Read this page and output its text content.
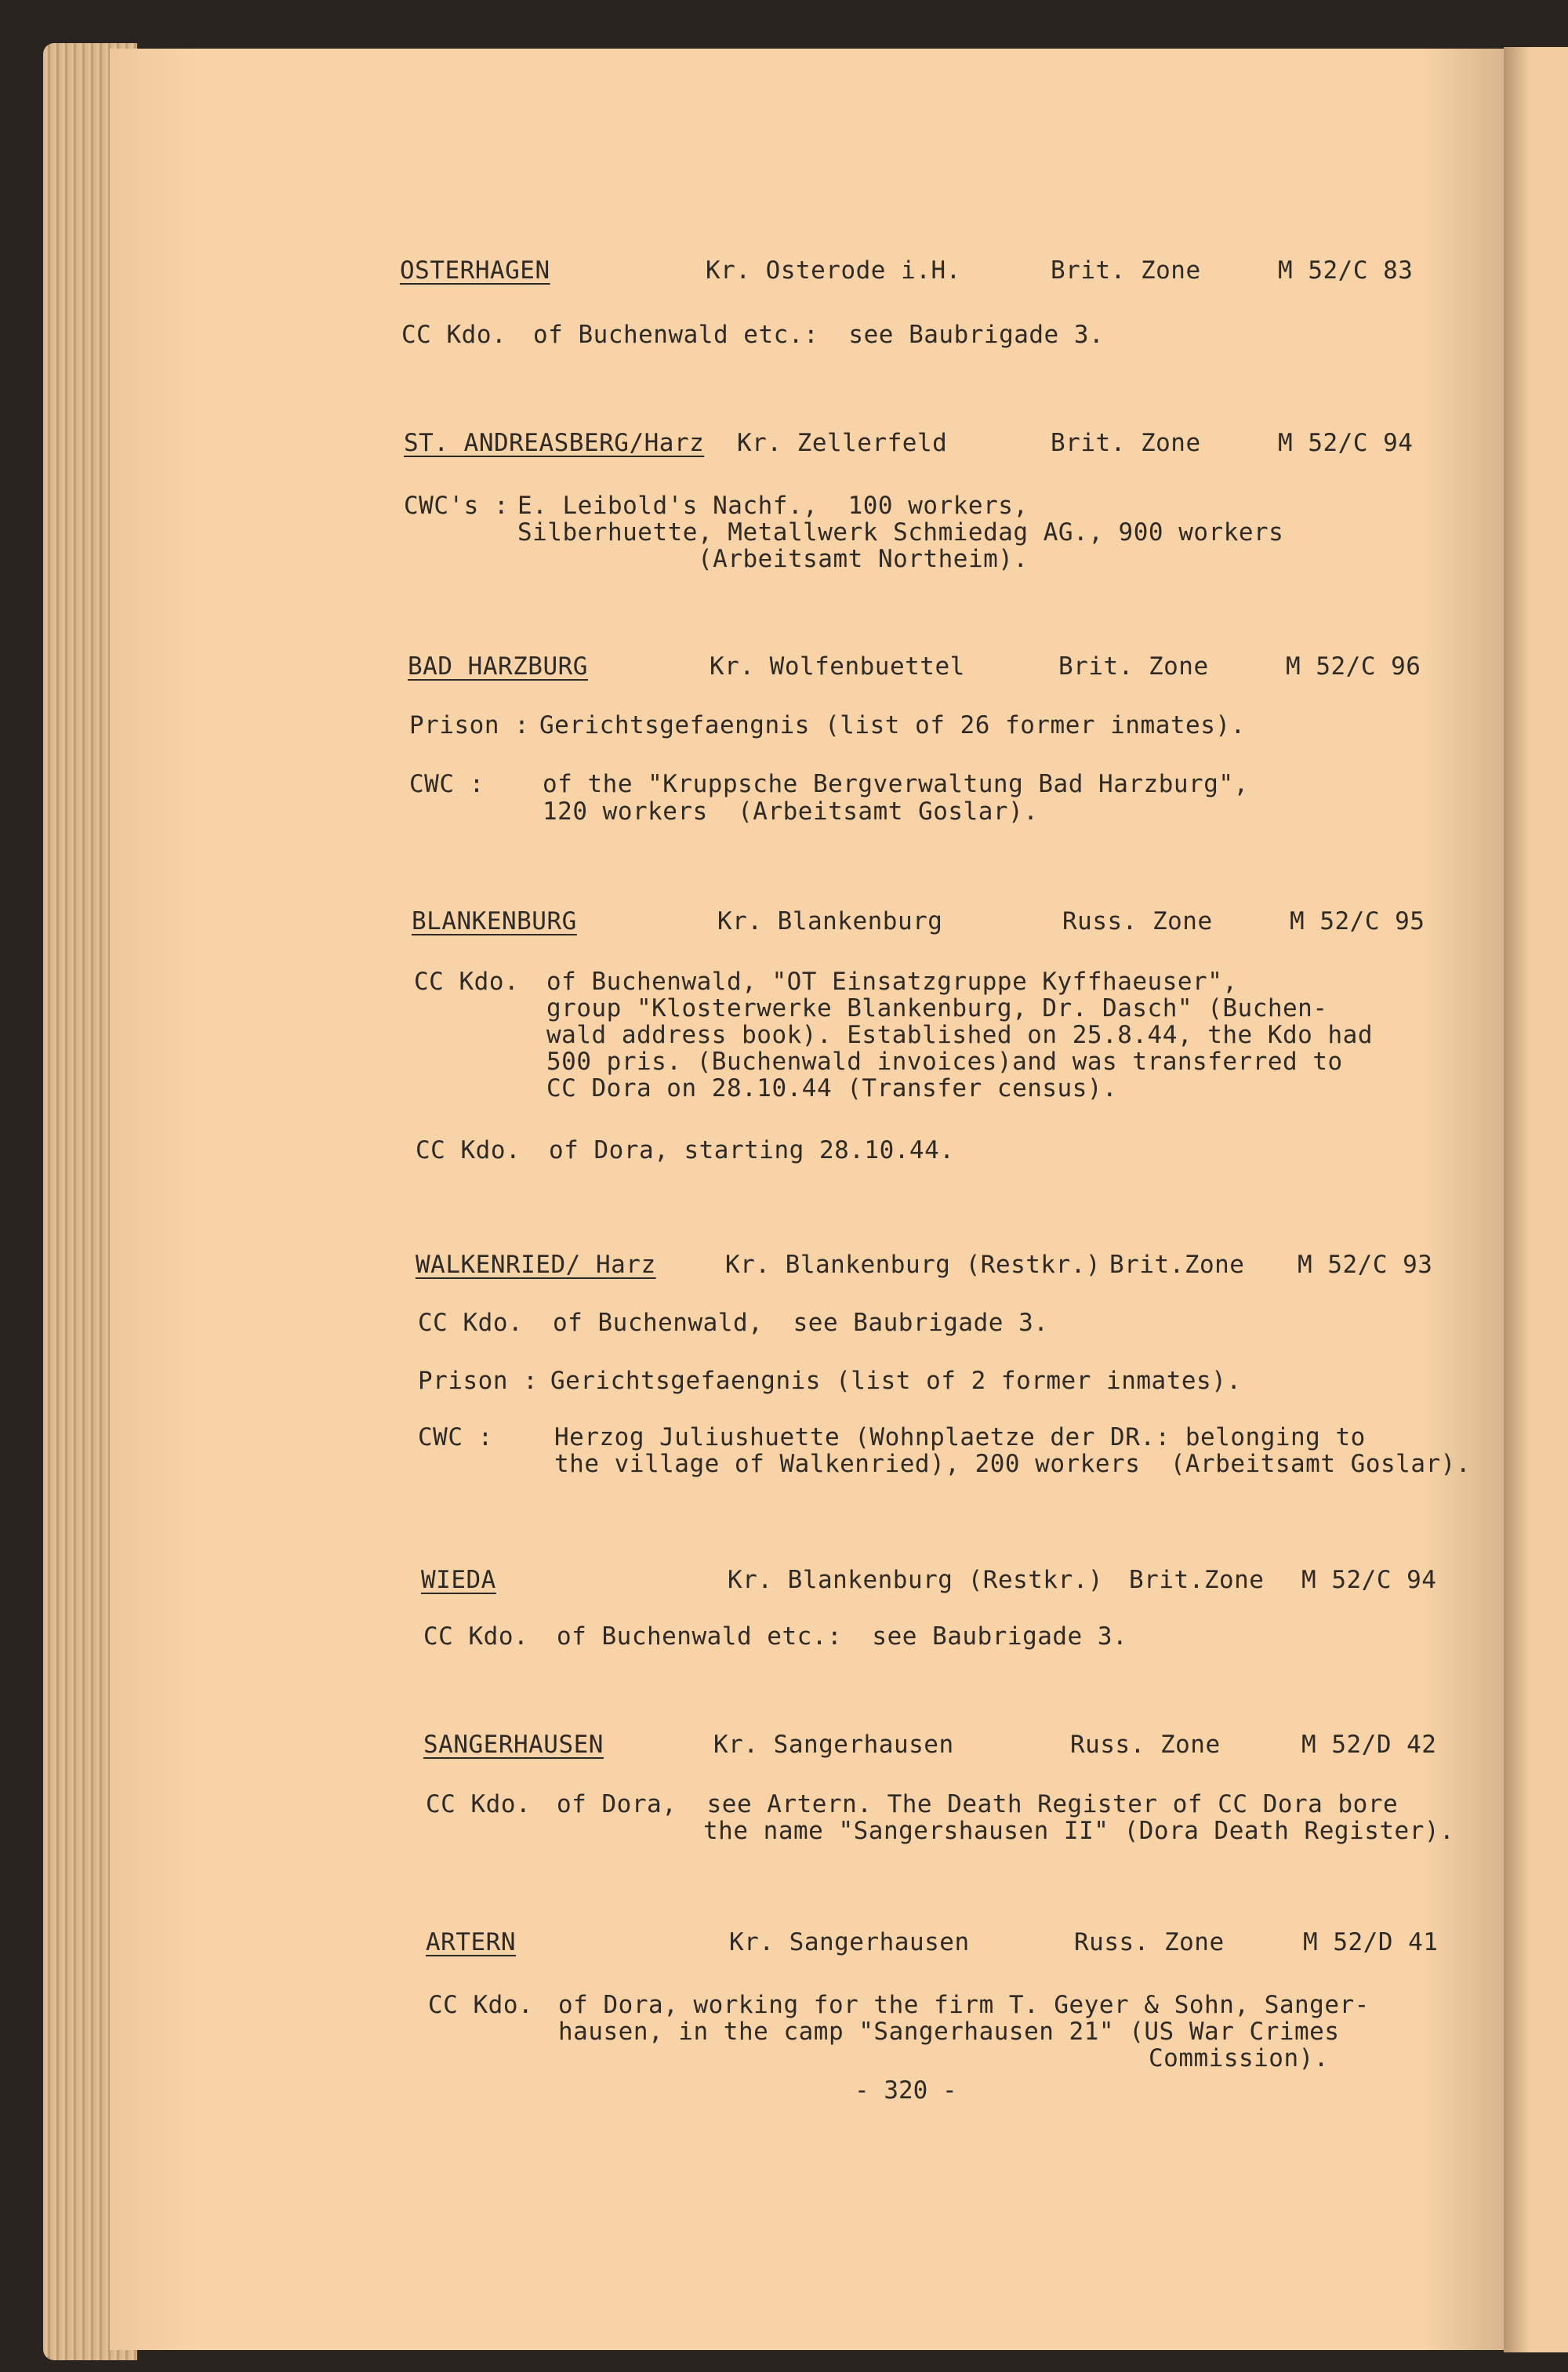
OSTERHAGEN	Kr. Osterode i.H.	Brit. Zone	M 52/C 83
CC Kdo. of Buchenwald etc.:  see Baubrigade 3.
ST. ANDREASBERG/Harz Kr. Zellerfeld	Brit. Zone	M 52/C 94
CWC's : E. Leibold's Nachf.,  100 workers,
Silberhuette, Metallwerk Schmiedag AG., 900 workers
(Arbeitsamt Northeim).
BAD HARZBURG	Kr. Wolfenbuettel	Brit. Zone	M 52/C 96
Prison : Gerichtsgefaengnis (list of 26 former inmates).
CWC : of the "Kruppsche Bergverwaltung Bad Harzburg",
120 workers  (Arbeitsamt Goslar).
BLANKENBURG	Kr. Blankenburg	Russ. Zone	M 52/C 95
CC Kdo. of Buchenwald, "OT Einsatzgruppe Kyffhaeuser",
group "Klosterwerke Blankenburg, Dr. Dasch" (Buchen-
wald address book). Established on 25.8.44, the Kdo had
500 pris. (Buchenwald invoices)and was transferred to
CC Dora on 28.10.44 (Transfer census).
CC Kdo. of Dora, starting 28.10.44.
WALKENRIED/ Harz	Kr. Blankenburg (Restkr.) Brit.Zone M 52/C 93
CC Kdo. of Buchenwald,  see Baubrigade 3.
Prison : Gerichtsgefaengnis (list of 2 former inmates).
CWC :	Herzog Juliushuette (Wohnplaetze der DR.: belonging to
the village of Walkenried), 200 workers  (Arbeitsamt Goslar).
WIEDA	Kr. Blankenburg (Restkr.) Brit.Zone M 52/C 94
CC Kdo. of Buchenwald etc.:  see Baubrigade 3.
SANGERHAUSEN	Kr. Sangerhausen	Russ. Zone	M 52/D 42
CC Kdo. of Dora,  see Artern. The Death Register of CC Dora bore
the name "Sangershausen II" (Dora Death Register).
ARTERN	Kr. Sangerhausen	Russ. Zone	M 52/D 41
CC Kdo. of Dora, working for the firm T. Geyer & Sohn, Sanger-
hausen, in the camp "Sangerhausen 21" (US War Crimes
Commission).
- 320 -
